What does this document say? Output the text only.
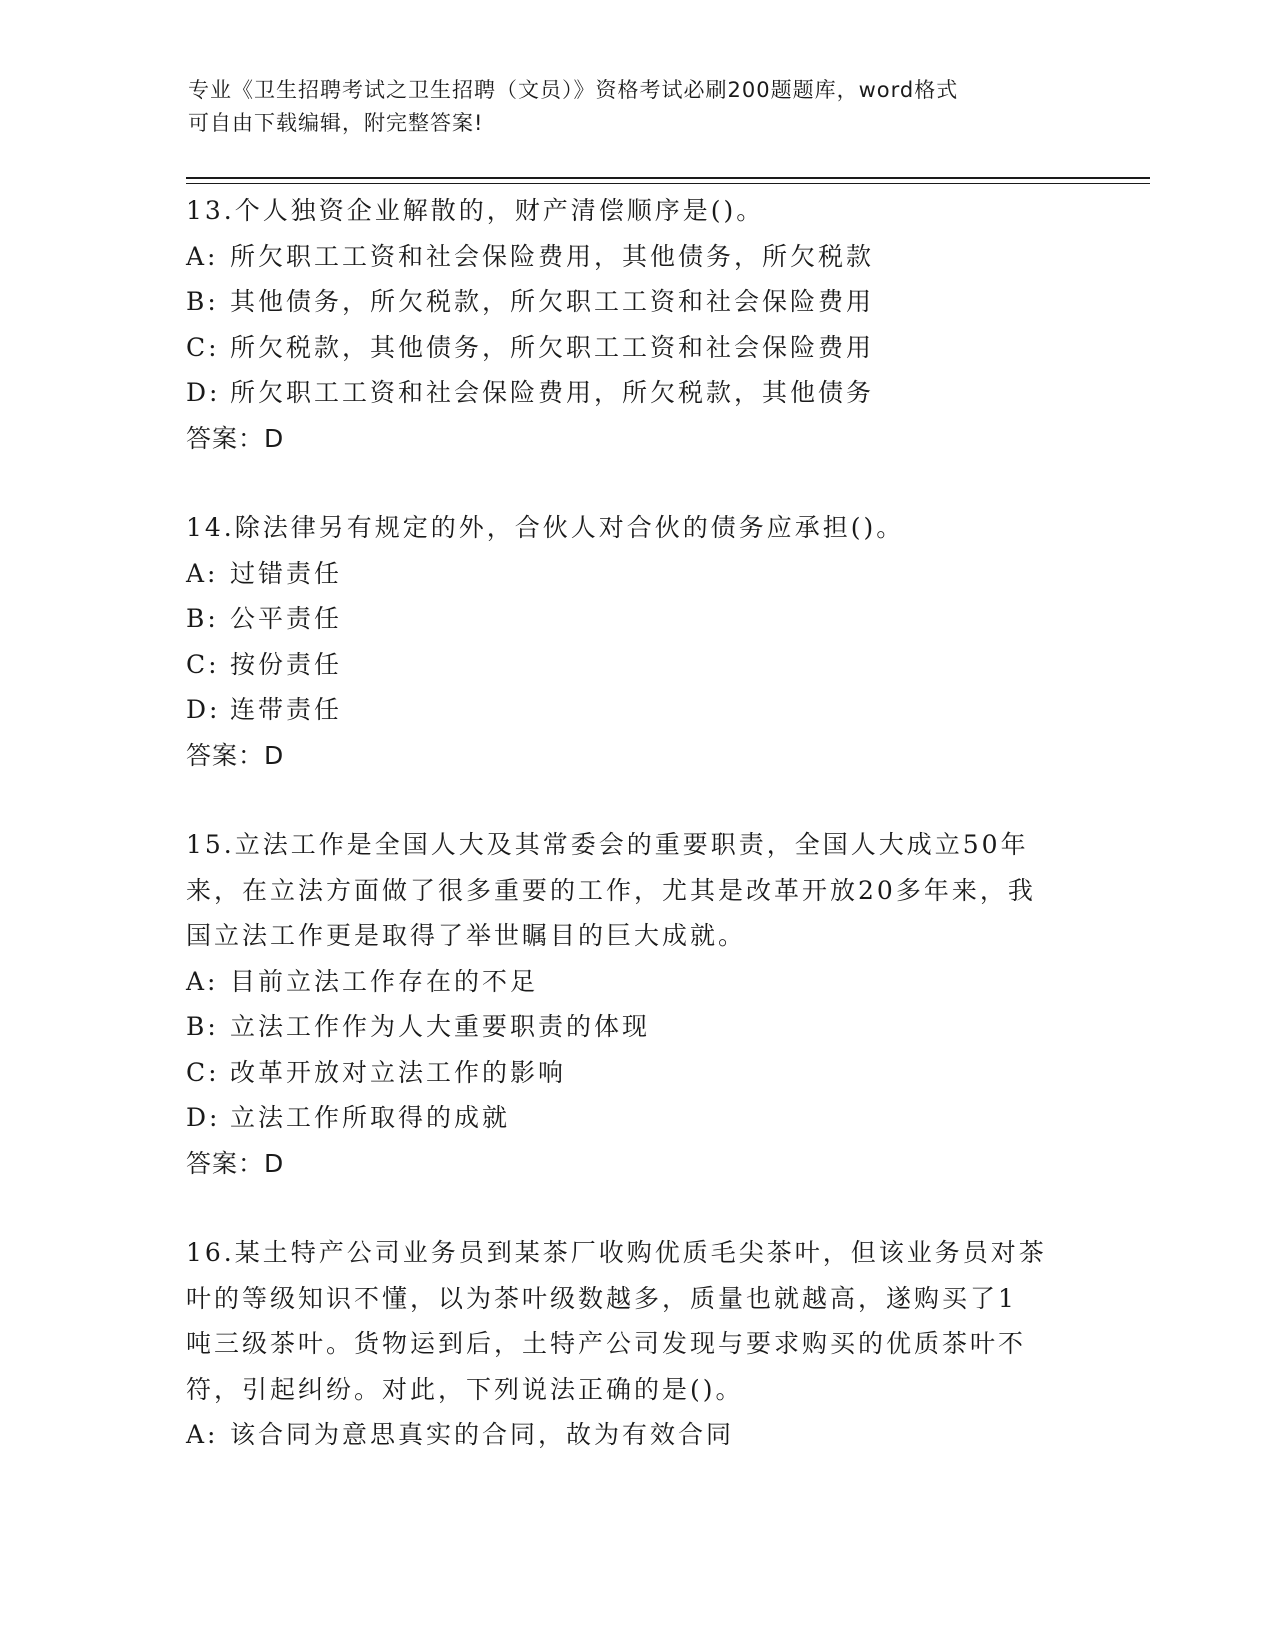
专业《卫生招聘考试之卫生招聘（文员）》资格考试必刷200题题库，word格式
可自由下载编辑，附完整答案!

13.个人独资企业解散的，财产清偿顺序是()。

A: 所欠职工工资和社会保险费用，其他债务，所欠税款

B: 其他债务，所欠税款，所欠职工工资和社会保险费用

C: 所欠税款，其他债务，所欠职工工资和社会保险费用

D: 所欠职工工资和社会保险费用，所欠税款，其他债务

答案：D

14.除法律另有规定的外，合伙人对合伙的债务应承担()。

A: 过错责任

B: 公平责任

C: 按份责任

D: 连带责任

答案：D

15.立法工作是全国人大及其常委会的重要职责，全国人大成立50年

来，在立法方面做了很多重要的工作，尤其是改革开放20多年来，我

国立法工作更是取得了举世瞩目的巨大成就。

A: 目前立法工作存在的不足

B: 立法工作作为人大重要职责的体现

C: 改革开放对立法工作的影响

D: 立法工作所取得的成就

答案：D

16.某土特产公司业务员到某茶厂收购优质毛尖茶叶，但该业务员对茶

叶的等级知识不懂，以为茶叶级数越多，质量也就越高，遂购买了1

吨三级茶叶。货物运到后，土特产公司发现与要求购买的优质茶叶不

符，引起纠纷。对此，下列说法正确的是()。

A: 该合同为意思真实的合同，故为有效合同
